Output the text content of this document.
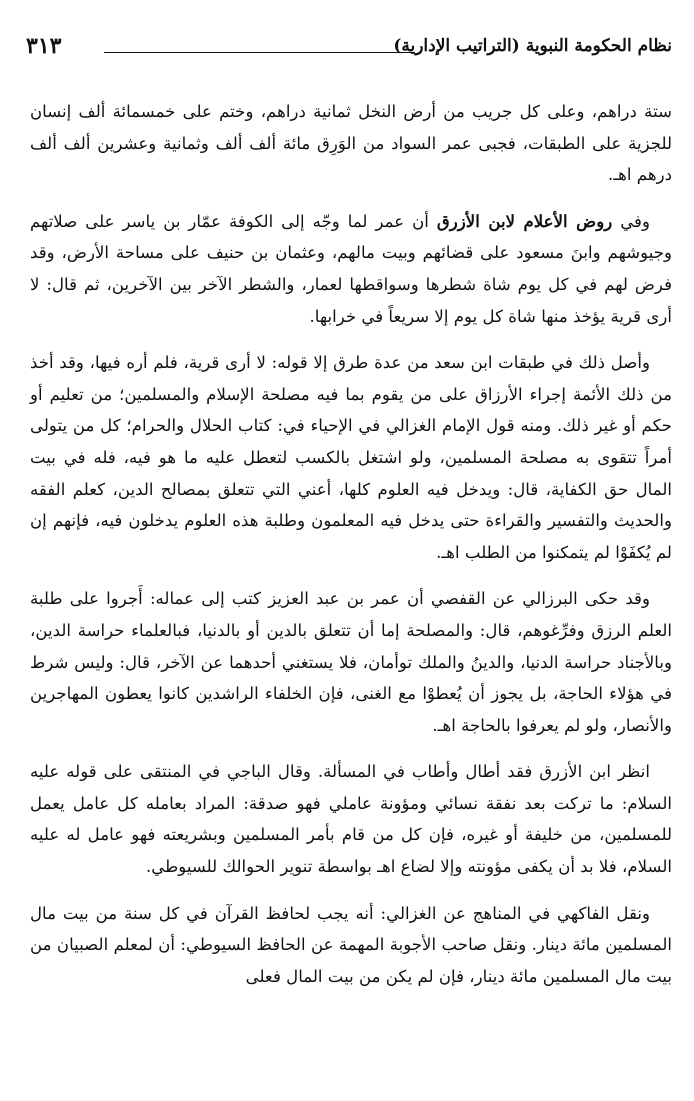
نظام الحكومة النبوية (التراتيب الإدارية)
٣١٣

ستة دراهم، وعلى كل جريب من أرض النخل ثمانية دراهم، وختم على خمسمائة ألف إنسان للجزية على الطبقات، فجبى عمر السواد من الوَرِق مائة ألف ألف وثمانية وعشرين ألف ألف درهم اهـ.

وفي روض الأعلام لابن الأزرق أن عمر لما وجّه إلى الكوفة عمّار بن ياسر على صلاتهم وجيوشهم وابنَ مسعود على قضائهم وبيت مالهم، وعثمان بن حنيف على مساحة الأرض، وقد فرض لهم في كل يوم شاة شطرها وسواقطها لعمار، والشطر الآخر بين الآخرين، ثم قال: لا أرى قرية يؤخذ منها شاة كل يوم إلا سريعاً في خرابها.

وأصل ذلك في طبقات ابن سعد من عدة طرق إلا قوله: لا أرى قرية، فلم أره فيها، وقد أخذ من ذلك الأئمة إجراء الأرزاق على من يقوم بما فيه مصلحة الإسلام والمسلمين؛ من تعليم أو حكم أو غير ذلك. ومنه قول الإمام الغزالي في الإحياء في: كتاب الحلال والحرام؛ كل من يتولى أمراً تتقوى به مصلحة المسلمين، ولو اشتغل بالكسب لتعطل عليه ما هو فيه، فله في بيت المال حق الكفاية، قال: ويدخل فيه العلوم كلها، أعني التي تتعلق بمصالح الدين، كعلم الفقه والحديث والتفسير والقراءة حتى يدخل فيه المعلمون وطلبة هذه العلوم يدخلون فيه، فإنهم إن لم يُكفَوْا لم يتمكنوا من الطلب اهـ.

وقد حكى البرزالي عن القفصي أن عمر بن عبد العزيز كتب إلى عماله: أَجروا على طلبة العلم الرزق وفرِّغوهم، قال: والمصلحة إما أن تتعلق بالدين أو بالدنيا، فبالعلماء حراسة الدين، وبالأجناد حراسة الدنيا، والدينُ والملك توأمان، فلا يستغني أحدهما عن الآخر، قال: وليس شرط في هؤلاء الحاجة، بل يجوز أن يُعطوْا مع الغنى، فإن الخلفاء الراشدين كانوا يعطون المهاجرين والأنصار، ولو لم يعرفوا بالحاجة اهـ.

انظر ابن الأزرق فقد أطال وأطاب في المسألة. وقال الباجي في المنتقى على قوله عليه السلام: ما تركت بعد نفقة نسائي ومؤونة عاملي فهو صدقة: المراد بعامله كل عامل يعمل للمسلمين، من خليفة أو غيره، فإن كل من قام بأمر المسلمين وبشريعته فهو عامل له عليه السلام، فلا بد أن يكفى مؤونته وإلا لضاع اهـ بواسطة تنوير الحوالك للسيوطي.

ونقل الفاكهي في المناهج عن الغزالي: أنه يجب لحافظ القرآن في كل سنة من بيت مال المسلمين مائة دينار. ونقل صاحب الأجوبة المهمة عن الحافظ السيوطي: أن لمعلم الصبيان من بيت مال المسلمين مائة دينار، فإن لم يكن من بيت المال فعلى
